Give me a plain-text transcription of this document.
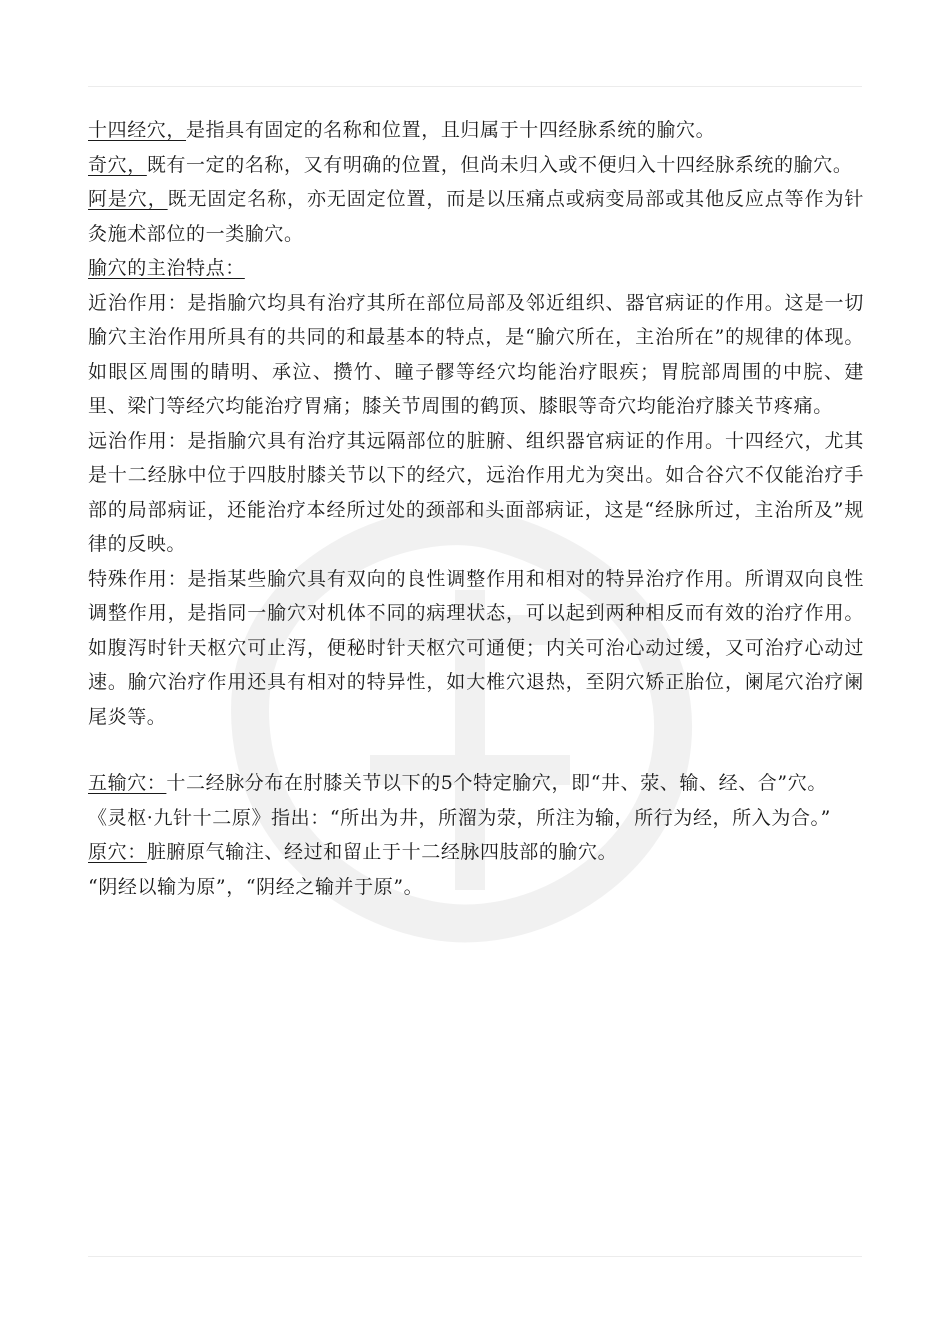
十四经穴，是指具有固定的名称和位置，且归属于十四经脉系统的腧穴。

奇穴，既有一定的名称，又有明确的位置，但尚未归入或不便归入十四经脉系统的腧穴。

阿是穴，既无固定名称，亦无固定位置，而是以压痛点或病变局部或其他反应点等作为针灸施术部位的一类腧穴。

腧穴的主治特点：

近治作用：是指腧穴均具有治疗其所在部位局部及邻近组织、器官病证的作用。这是一切腧穴主治作用所具有的共同的和最基本的特点，是“腧穴所在，主治所在”的规律的体现。如眼区周围的睛明、承泣、攒竹、瞳子髎等经穴均能治疗眼疾；胃脘部周围的中脘、建里、梁门等经穴均能治疗胃痛；膝关节周围的鹤顶、膝眼等奇穴均能治疗膝关节疼痛。

远治作用：是指腧穴具有治疗其远隔部位的脏腑、组织器官病证的作用。十四经穴，尤其是十二经脉中位于四肢肘膝关节以下的经穴，远治作用尤为突出。如合谷穴不仅能治疗手部的局部病证，还能治疗本经所过处的颈部和头面部病证，这是“经脉所过，主治所及”规律的反映。

特殊作用：是指某些腧穴具有双向的良性调整作用和相对的特异治疗作用。所谓双向良性调整作用，是指同一腧穴对机体不同的病理状态，可以起到两种相反而有效的治疗作用。如腹泻时针天枢穴可止泻，便秘时针天枢穴可通便；内关可治心动过缓，又可治疗心动过速。腧穴治疗作用还具有相对的特异性，如大椎穴退热，至阴穴矫正胎位，阑尾穴治疗阑尾炎等。

五输穴：十二经脉分布在肘膝关节以下的5个特定腧穴，即“井、荥、输、经、合”穴。

《灵枢·九针十二原》指出：“所出为井，所溜为荥，所注为输，所行为经，所入为合。”

原穴：脏腑原气输注、经过和留止于十二经脉四肢部的腧穴。

“阴经以输为原”，“阴经之输并于原”。
